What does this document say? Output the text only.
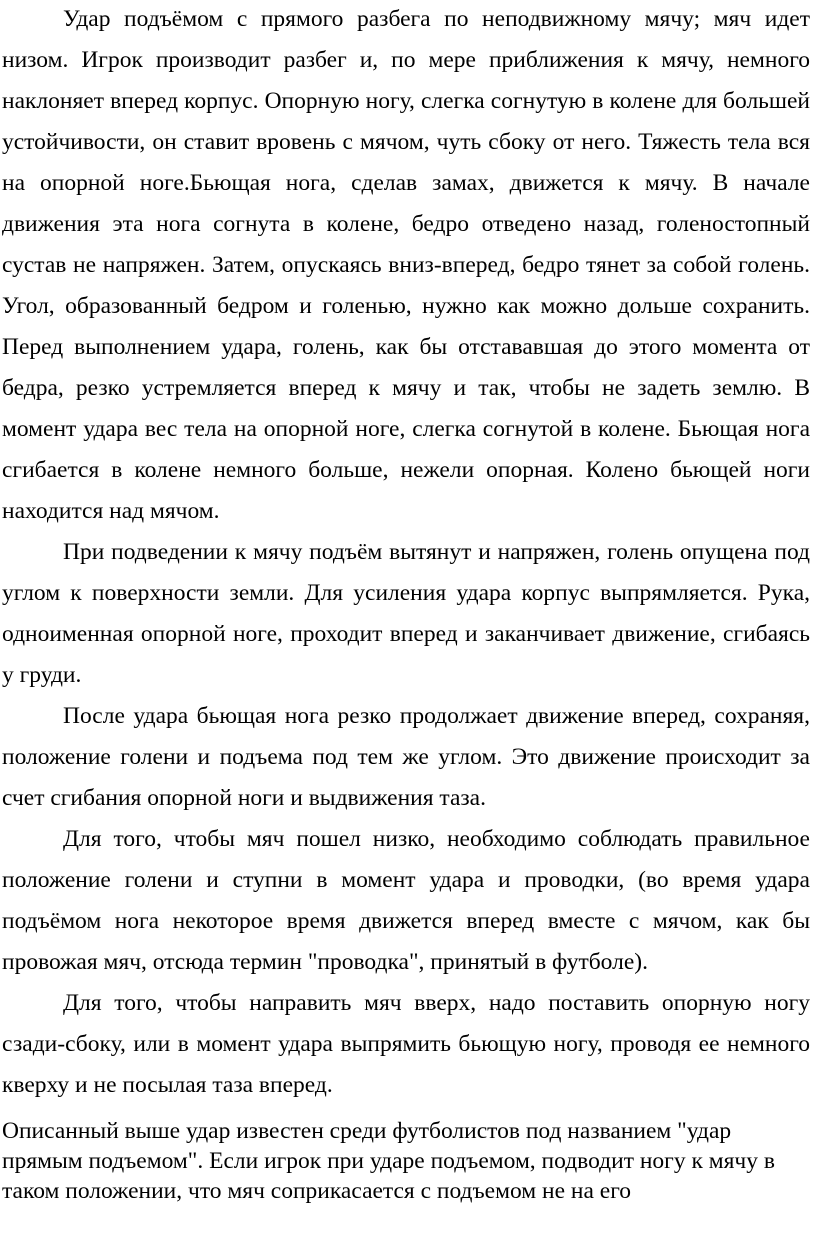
Удар подъёмом с прямого разбега по неподвижному мячу; мяч идет низом. Игрок производит разбег и, по мере приближения к мячу, немного наклоняет вперед корпус. Опорную ногу, слегка согнутую в колене для большей устойчивости, он ставит вровень с мячом, чуть сбоку от него. Тяжесть тела вся на опорной ноге.Бьющая нога, сделав замах, движется к мячу. В начале движения эта нога согнута в колене, бедро отведено назад, голеностопный сустав не напряжен. Затем, опускаясь вниз-вперед, бедро тянет за собой голень. Угол, образованный бедром и голенью, нужно как можно дольше сохранить. Перед выполнением удара, голень, как бы отстававшая до этого момента от бедра, резко устремляется вперед к мячу и так, чтобы не задеть землю. В момент удара вес тела на опорной ноге, слегка согнутой в колене. Бьющая нога сгибается в колене немного больше, нежели опорная. Колено бьющей ноги находится над мячом.

При подведении к мячу подъём вытянут и напряжен, голень опущена под углом к поверхности земли. Для усиления удара корпус выпрямляется. Рука, одноименная опорной ноге, проходит вперед и заканчивает движение, сгибаясь у груди.

После удара бьющая нога резко продолжает движение вперед, сохраняя, положение голени и подъема под тем же углом. Это движение происходит за счет сгибания опорной ноги и выдвижения таза.

Для того, чтобы мяч пошел низко, необходимо соблюдать правильное положение голени и ступни в момент удара и проводки, (во время удара подъёмом нога некоторое время движется вперед вместе с мячом, как бы провожая мяч, отсюда термин "проводка", принятый в футболе).

Для того, чтобы направить мяч вверх, надо поставить опорную ногу сзади-сбоку, или в момент удара выпрямить бьющую ногу, проводя ее немного кверху и не посылая таза вперед.

Описанный выше удар известен среди футболистов под названием "удар прямым подъемом". Если игрок при ударе подъемом, подводит ногу к мячу в таком положении, что мяч соприкасается с подъемом не на его
